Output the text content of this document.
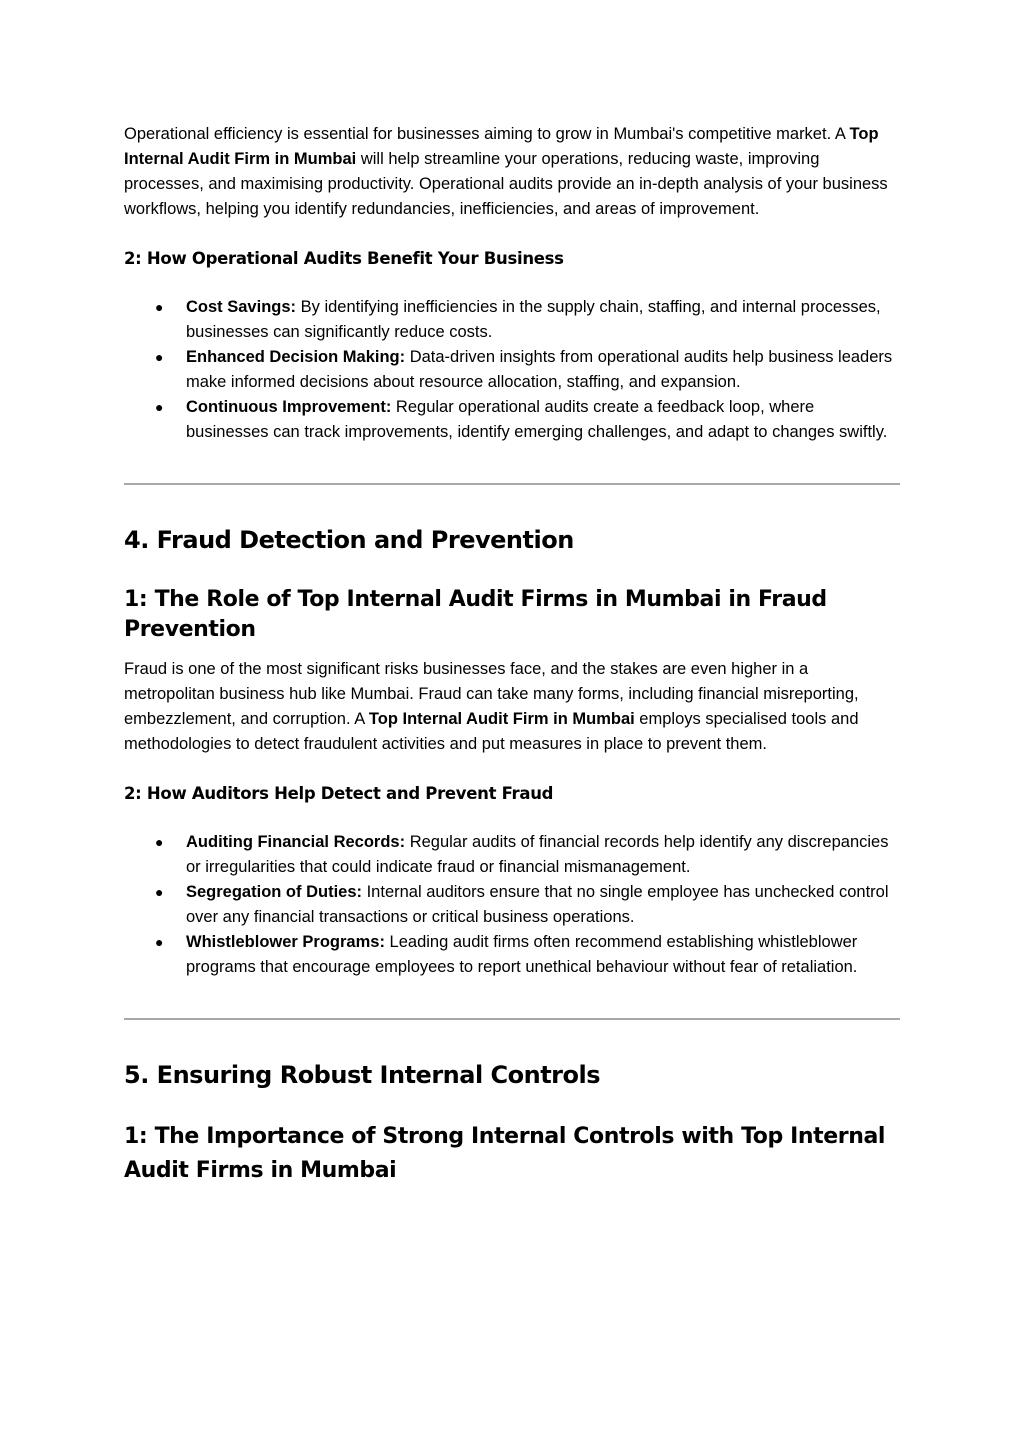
Operational efficiency is essential for businesses aiming to grow in Mumbai's competitive market. A Top Internal Audit Firm in Mumbai will help streamline your operations, reducing waste, improving processes, and maximising productivity. Operational audits provide an in-depth analysis of your business workflows, helping you identify redundancies, inefficiencies, and areas of improvement.

2: How Operational Audits Benefit Your Business

● Cost Savings: By identifying inefficiencies in the supply chain, staffing, and internal processes, businesses can significantly reduce costs.
● Enhanced Decision Making: Data-driven insights from operational audits help business leaders make informed decisions about resource allocation, staffing, and expansion.
● Continuous Improvement: Regular operational audits create a feedback loop, where businesses can track improvements, identify emerging challenges, and adapt to changes swiftly.

4. Fraud Detection and Prevention

1: The Role of Top Internal Audit Firms in Mumbai in Fraud Prevention

Fraud is one of the most significant risks businesses face, and the stakes are even higher in a metropolitan business hub like Mumbai. Fraud can take many forms, including financial misreporting, embezzlement, and corruption. A Top Internal Audit Firm in Mumbai employs specialised tools and methodologies to detect fraudulent activities and put measures in place to prevent them.

2: How Auditors Help Detect and Prevent Fraud

● Auditing Financial Records: Regular audits of financial records help identify any discrepancies or irregularities that could indicate fraud or financial mismanagement.
● Segregation of Duties: Internal auditors ensure that no single employee has unchecked control over any financial transactions or critical business operations.
● Whistleblower Programs: Leading audit firms often recommend establishing whistleblower programs that encourage employees to report unethical behaviour without fear of retaliation.

5. Ensuring Robust Internal Controls

1: The Importance of Strong Internal Controls with Top Internal Audit Firms in Mumbai
